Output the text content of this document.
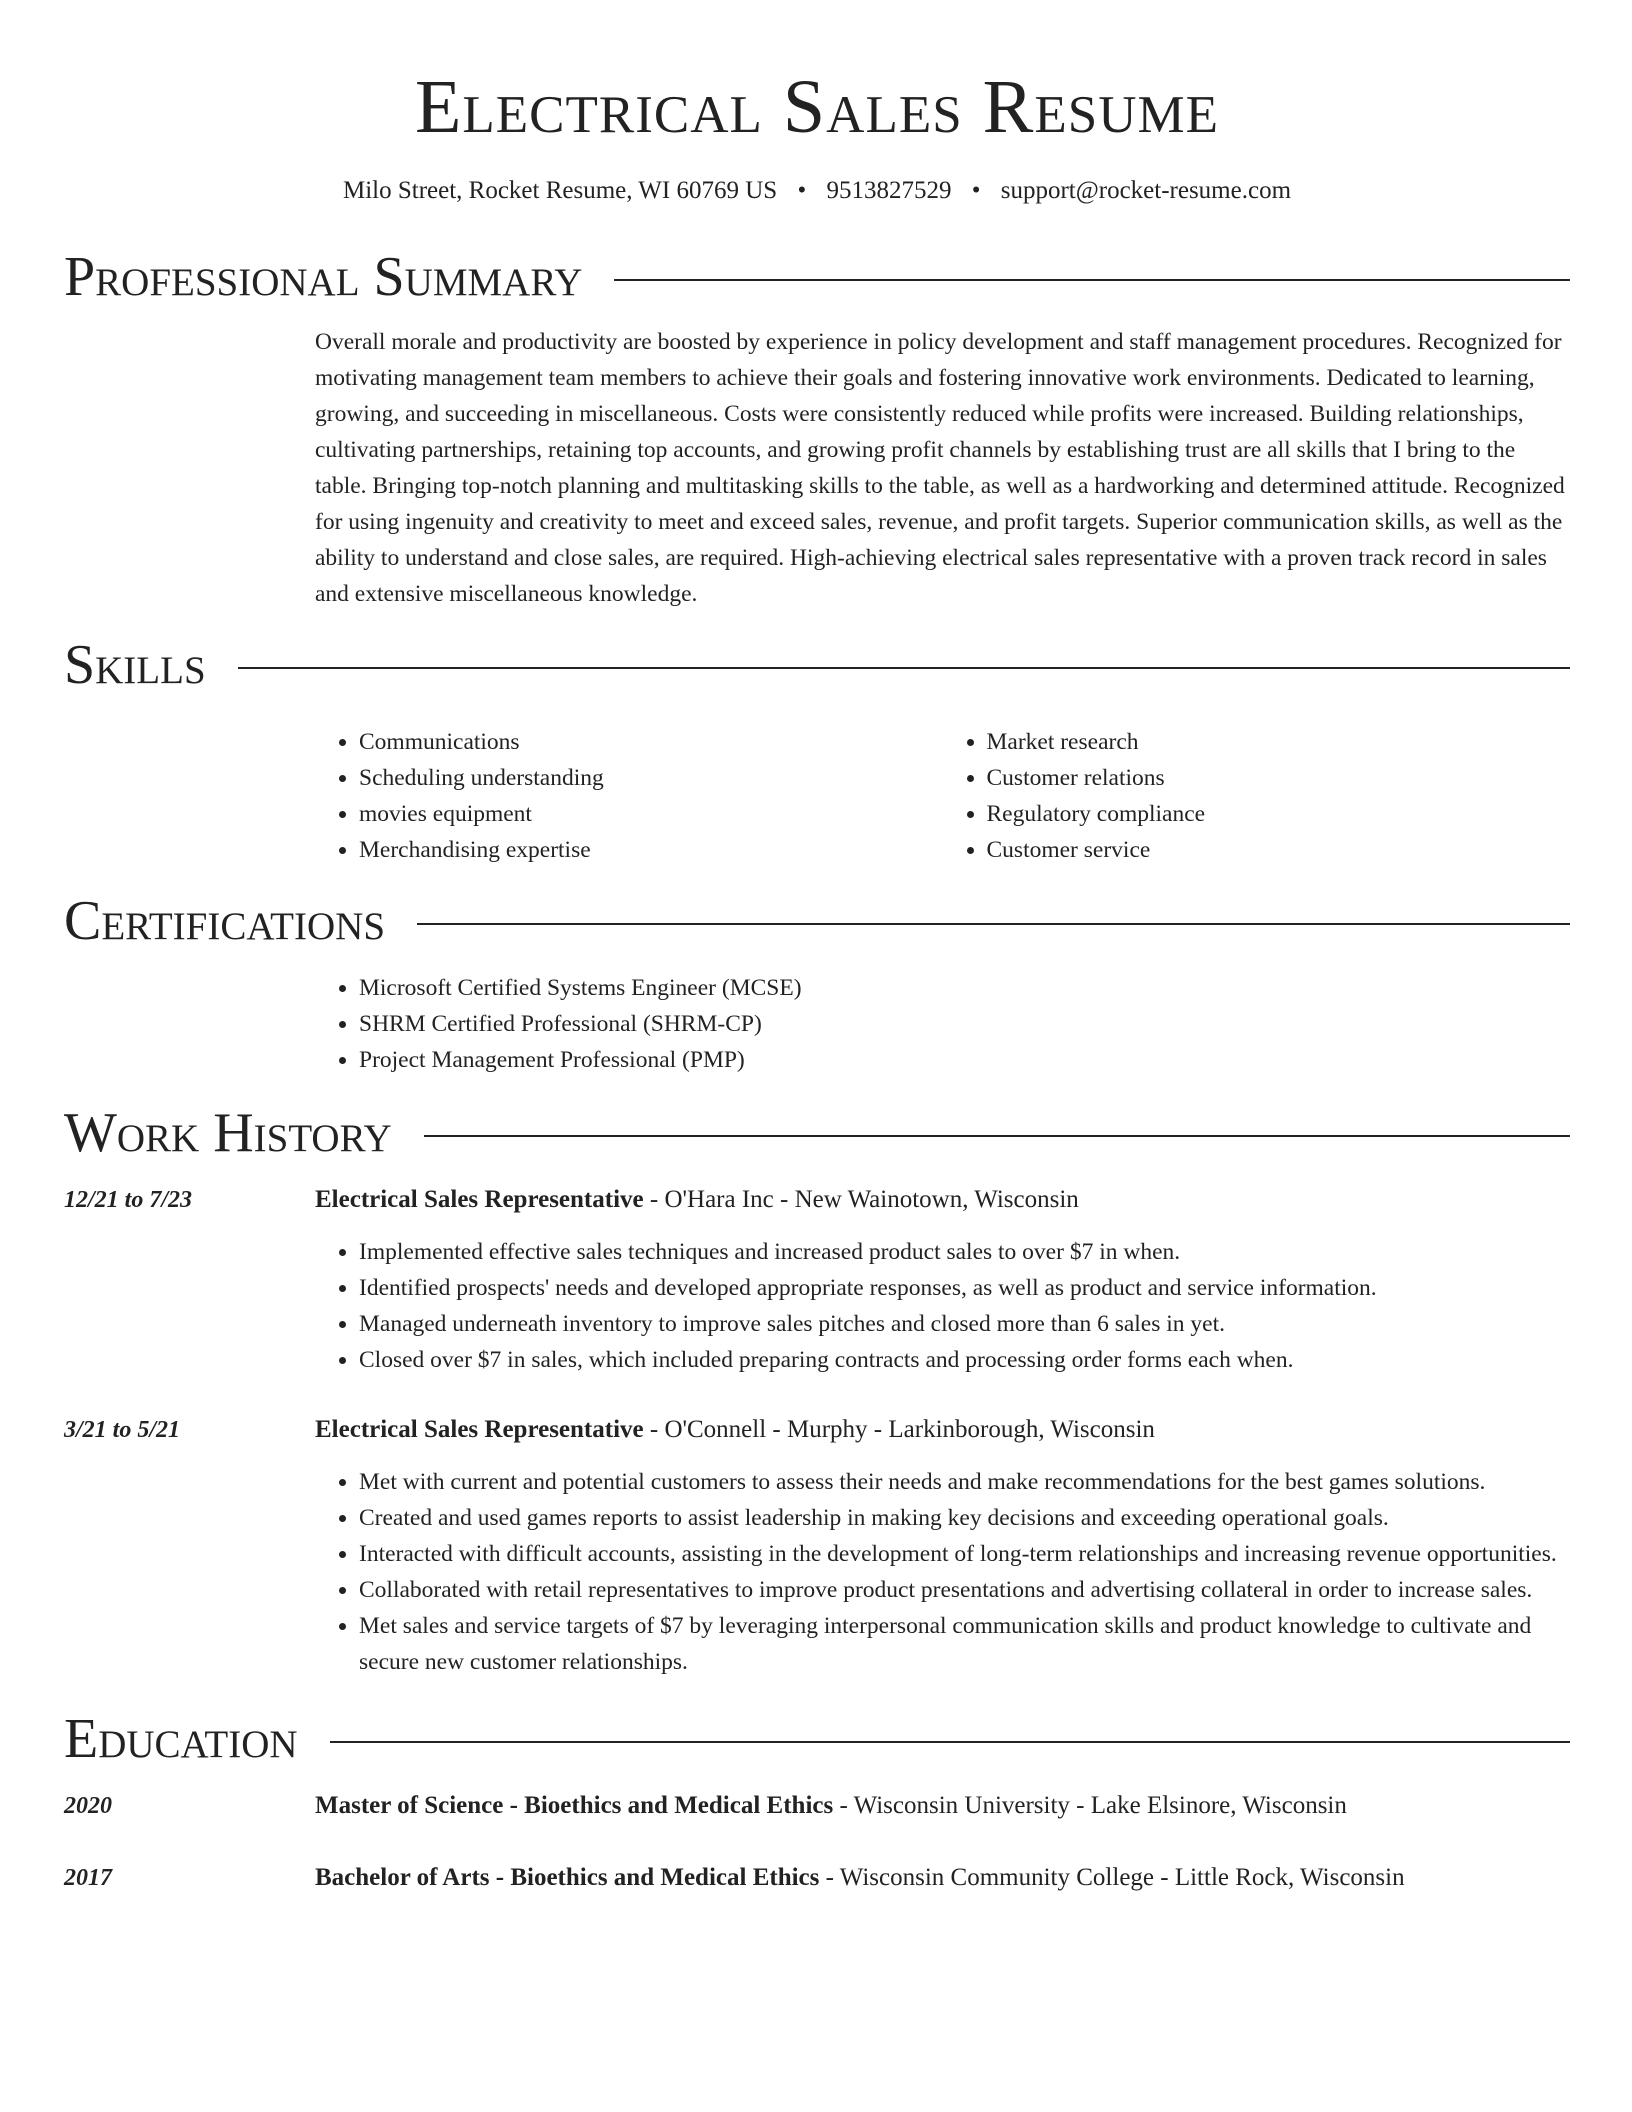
Electrical Sales Resume
Milo Street, Rocket Resume, WI 60769 US • 9513827529 • support@rocket-resume.com
Professional Summary
Overall morale and productivity are boosted by experience in policy development and staff management procedures. Recognized for motivating management team members to achieve their goals and fostering innovative work environments. Dedicated to learning, growing, and succeeding in miscellaneous. Costs were consistently reduced while profits were increased. Building relationships, cultivating partnerships, retaining top accounts, and growing profit channels by establishing trust are all skills that I bring to the table. Bringing top-notch planning and multitasking skills to the table, as well as a hardworking and determined attitude. Recognized for using ingenuity and creativity to meet and exceed sales, revenue, and profit targets. Superior communication skills, as well as the ability to understand and close sales, are required. High-achieving electrical sales representative with a proven track record in sales and extensive miscellaneous knowledge.
Skills
• Communications
• Scheduling understanding
• movies equipment
• Merchandising expertise
• Market research
• Customer relations
• Regulatory compliance
• Customer service
Certifications
• Microsoft Certified Systems Engineer (MCSE)
• SHRM Certified Professional (SHRM-CP)
• Project Management Professional (PMP)
Work History
12/21 to 7/23	Electrical Sales Representative - O'Hara Inc - New Wainotown, Wisconsin
• Implemented effective sales techniques and increased product sales to over $7 in when.
• Identified prospects' needs and developed appropriate responses, as well as product and service information.
• Managed underneath inventory to improve sales pitches and closed more than 6 sales in yet.
• Closed over $7 in sales, which included preparing contracts and processing order forms each when.
3/21 to 5/21	Electrical Sales Representative - O'Connell - Murphy - Larkinborough, Wisconsin
• Met with current and potential customers to assess their needs and make recommendations for the best games solutions.
• Created and used games reports to assist leadership in making key decisions and exceeding operational goals.
• Interacted with difficult accounts, assisting in the development of long-term relationships and increasing revenue opportunities.
• Collaborated with retail representatives to improve product presentations and advertising collateral in order to increase sales.
• Met sales and service targets of $7 by leveraging interpersonal communication skills and product knowledge to cultivate and secure new customer relationships.
Education
2020	Master of Science - Bioethics and Medical Ethics - Wisconsin University - Lake Elsinore, Wisconsin
2017	Bachelor of Arts - Bioethics and Medical Ethics - Wisconsin Community College - Little Rock, Wisconsin
